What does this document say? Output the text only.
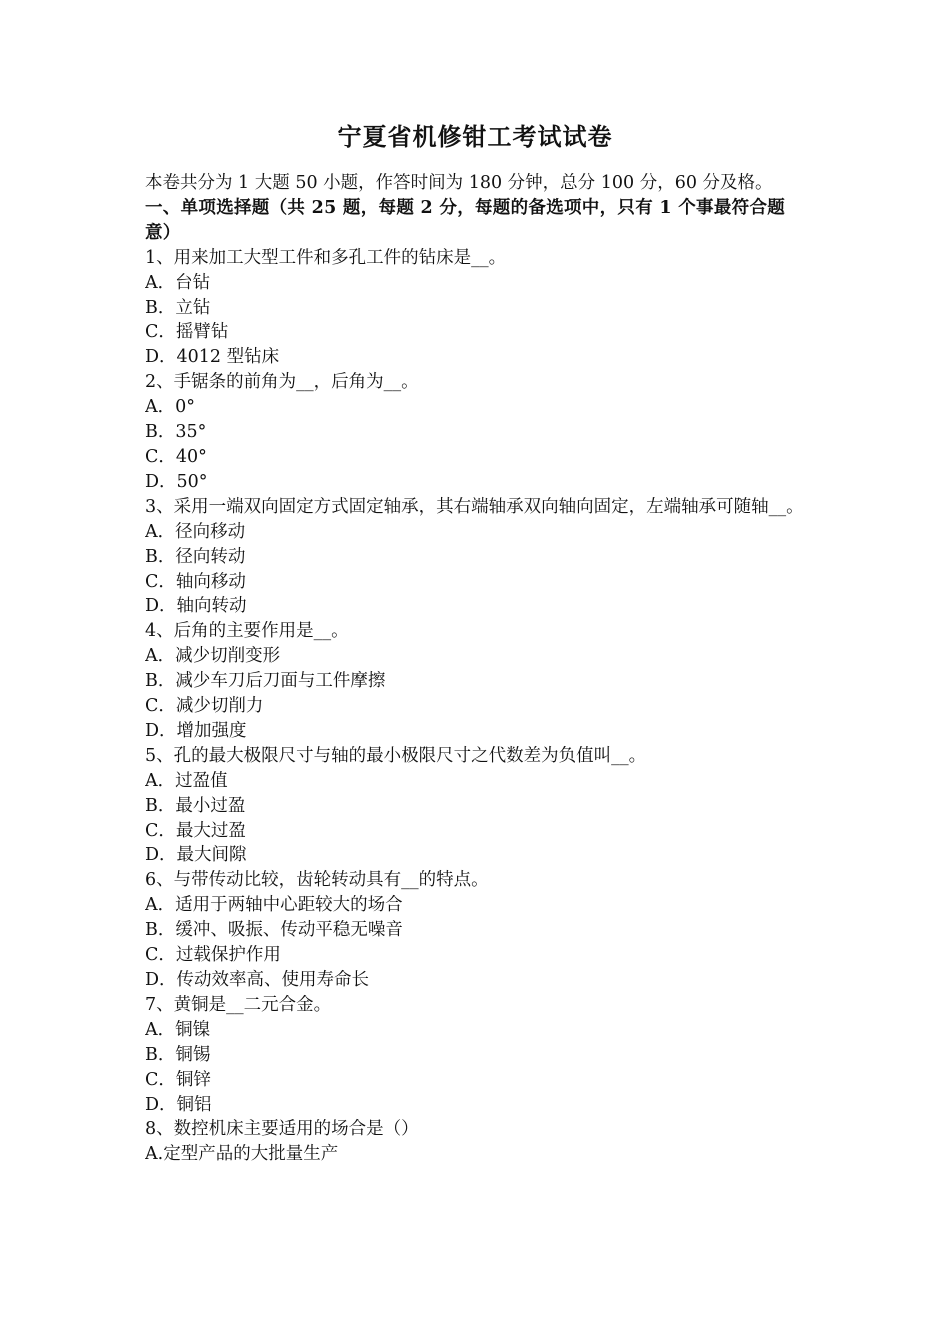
宁夏省机修钳工考试试卷
本卷共分为 1 大题 50 小题，作答时间为 180 分钟，总分 100 分，60 分及格。
一、单项选择题（共 25 题，每题 2 分，每题的备选项中，只有 1 个事最符合题意）
1、用来加工大型工件和多孔工件的钻床是__。
A．台钻
B．立钻
C．摇臂钻
D．4012 型钻床
2、手锯条的前角为__，后角为__。
A．0°
B．35°
C．40°
D．50°
3、采用一端双向固定方式固定轴承，其右端轴承双向轴向固定，左端轴承可随轴__。
A．径向移动
B．径向转动
C．轴向移动
D．轴向转动
4、后角的主要作用是__。
A．减少切削变形
B．减少车刀后刀面与工件摩擦
C．减少切削力
D．增加强度
5、孔的最大极限尺寸与轴的最小极限尺寸之代数差为负值叫__。
A．过盈值
B．最小过盈
C．最大过盈
D．最大间隙
6、与带传动比较，齿轮转动具有__的特点。
A．适用于两轴中心距较大的场合
B．缓冲、吸振、传动平稳无噪音
C．过载保护作用
D．传动效率高、使用寿命长
7、黄铜是__二元合金。
A．铜镍
B．铜锡
C．铜锌
D．铜铝
8、数控机床主要适用的场合是（）
A.定型产品的大批量生产
